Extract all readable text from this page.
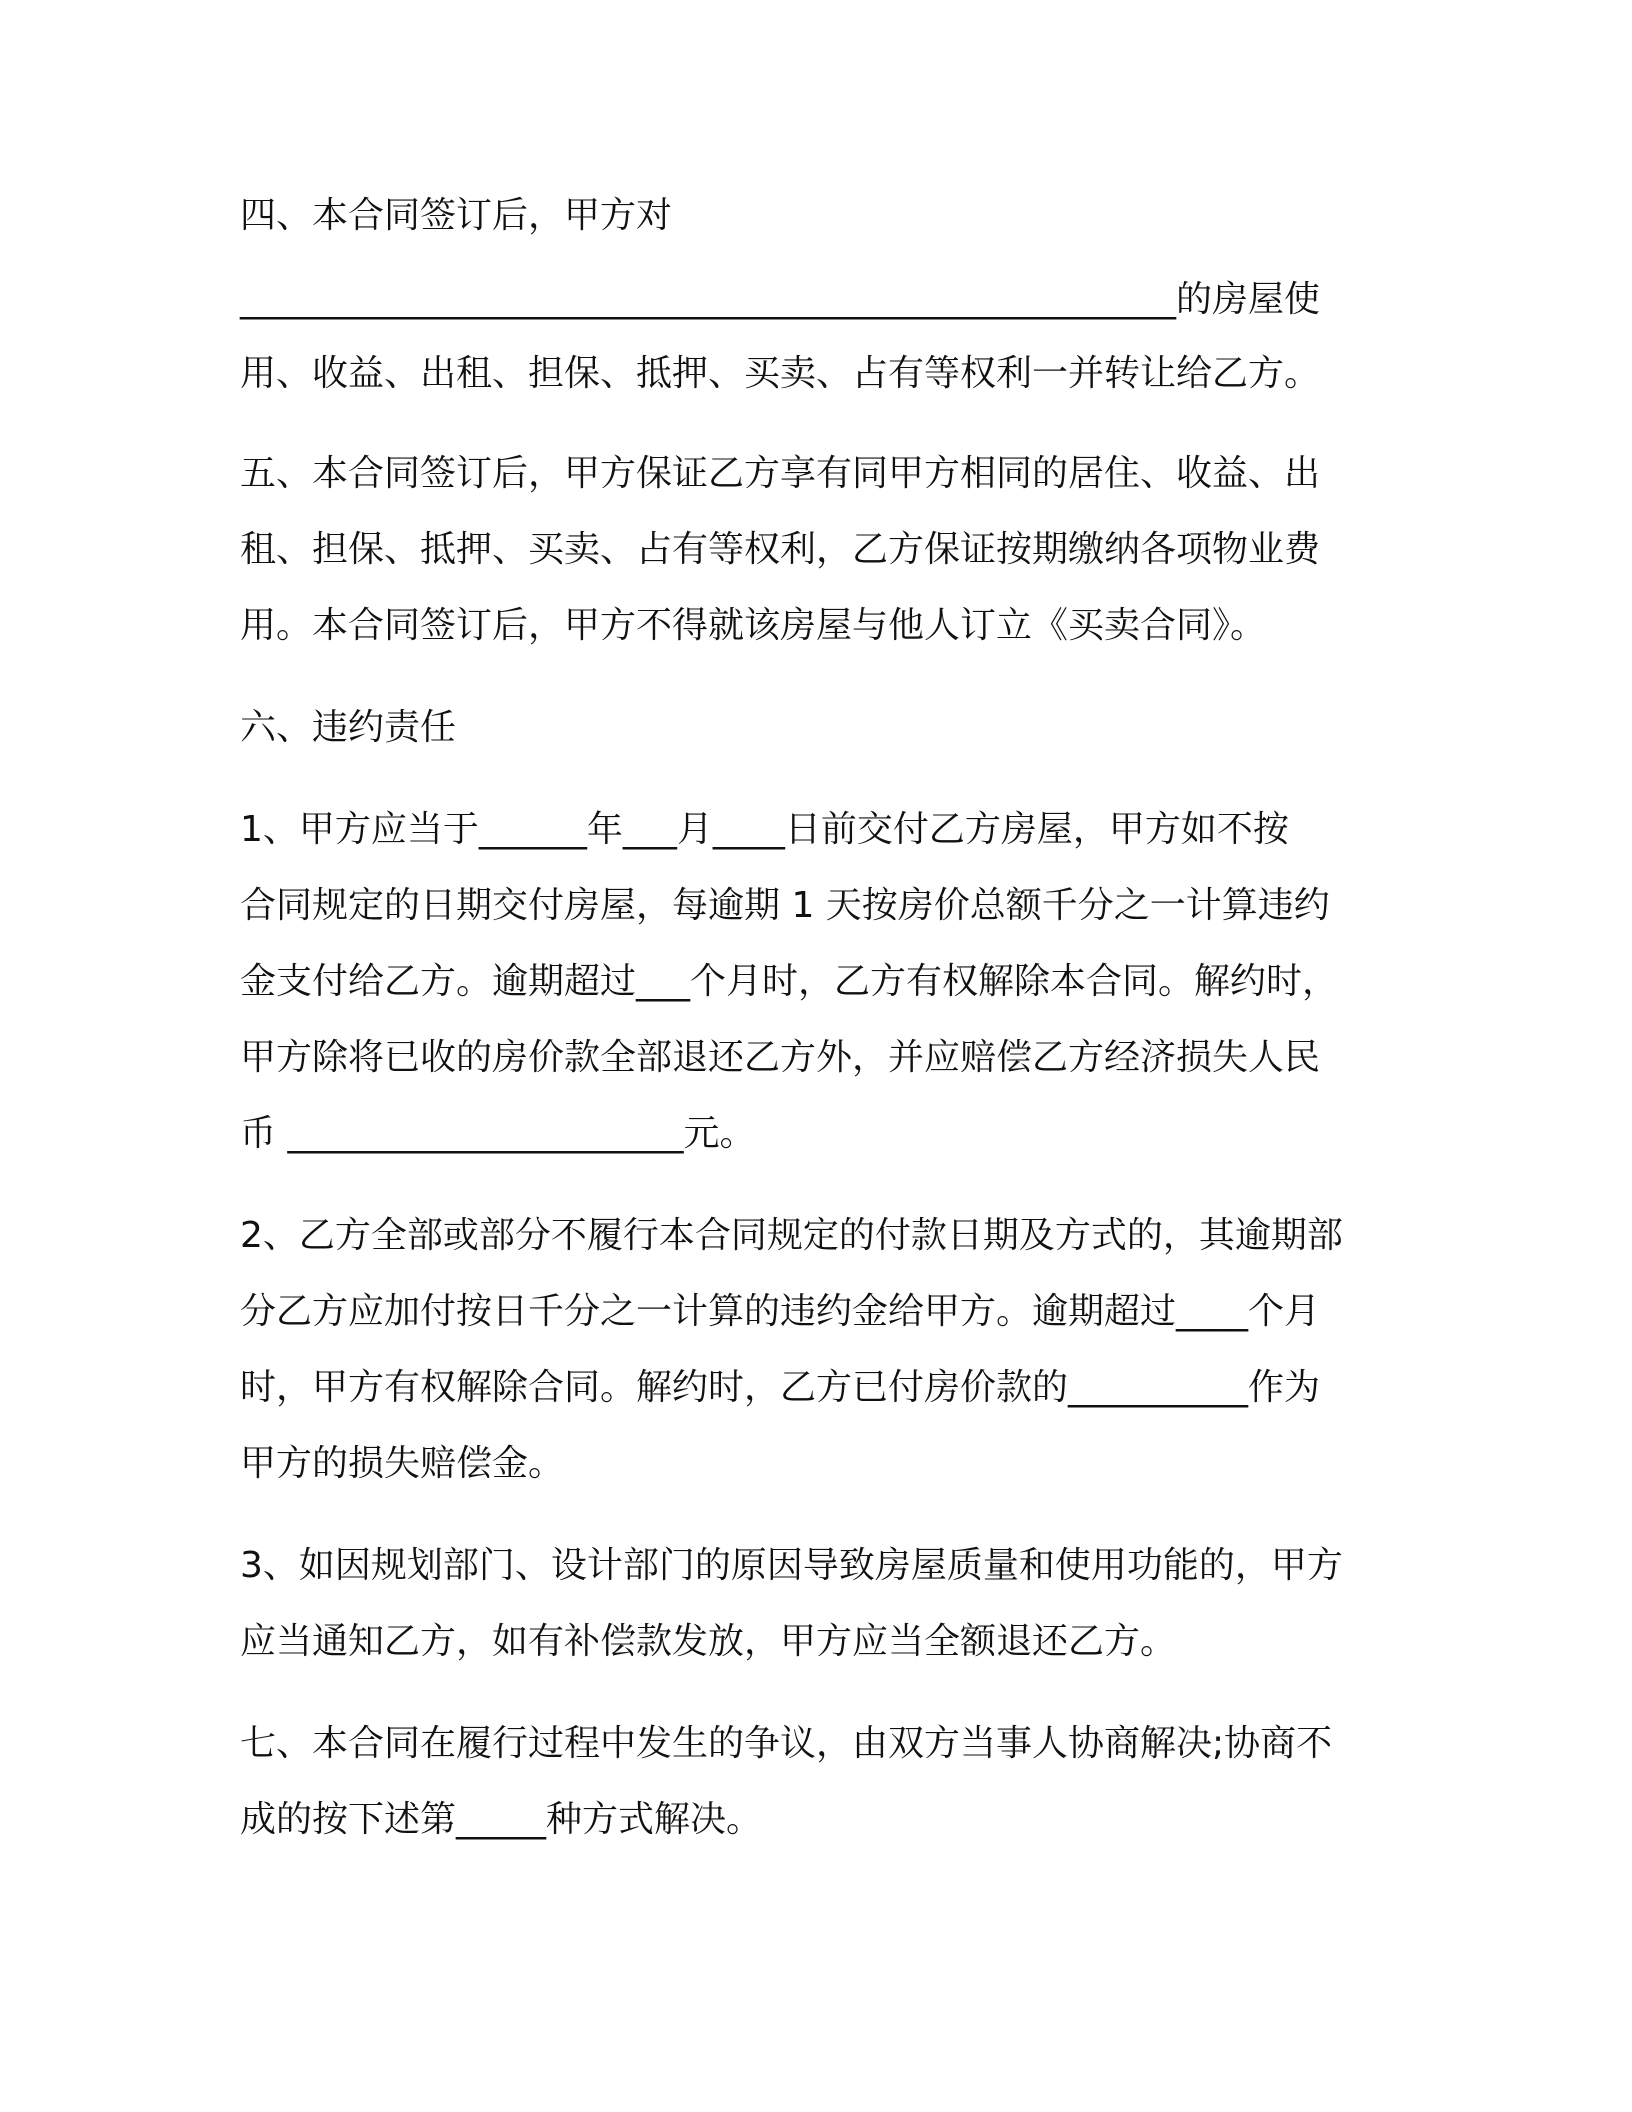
四、本合同签订后，甲方对
____________________________________________________的房屋使
用、收益、出租、担保、抵押、买卖、占有等权利一并转让给乙方。
五、本合同签订后，甲方保证乙方享有同甲方相同的居住、收益、出
租、担保、抵押、买卖、占有等权利，乙方保证按期缴纳各项物业费
用。本合同签订后，甲方不得就该房屋与他人订立《买卖合同》。
六、违约责任
1、甲方应当于______年___月____日前交付乙方房屋，甲方如不按
合同规定的日期交付房屋，每逾期 1 天按房价总额千分之一计算违约
金支付给乙方。逾期超过___个月时，乙方有权解除本合同。解约时，
甲方除将已收的房价款全部退还乙方外，并应赔偿乙方经济损失人民
币 ______________________元。
2、乙方全部或部分不履行本合同规定的付款日期及方式的，其逾期部
分乙方应加付按日千分之一计算的违约金给甲方。逾期超过____个月
时，甲方有权解除合同。解约时，乙方已付房价款的__________作为
甲方的损失赔偿金。
3、如因规划部门、设计部门的原因导致房屋质量和使用功能的，甲方
应当通知乙方，如有补偿款发放，甲方应当全额退还乙方。
七、本合同在履行过程中发生的争议，由双方当事人协商解决;协商不
成的按下述第_____种方式解决。
